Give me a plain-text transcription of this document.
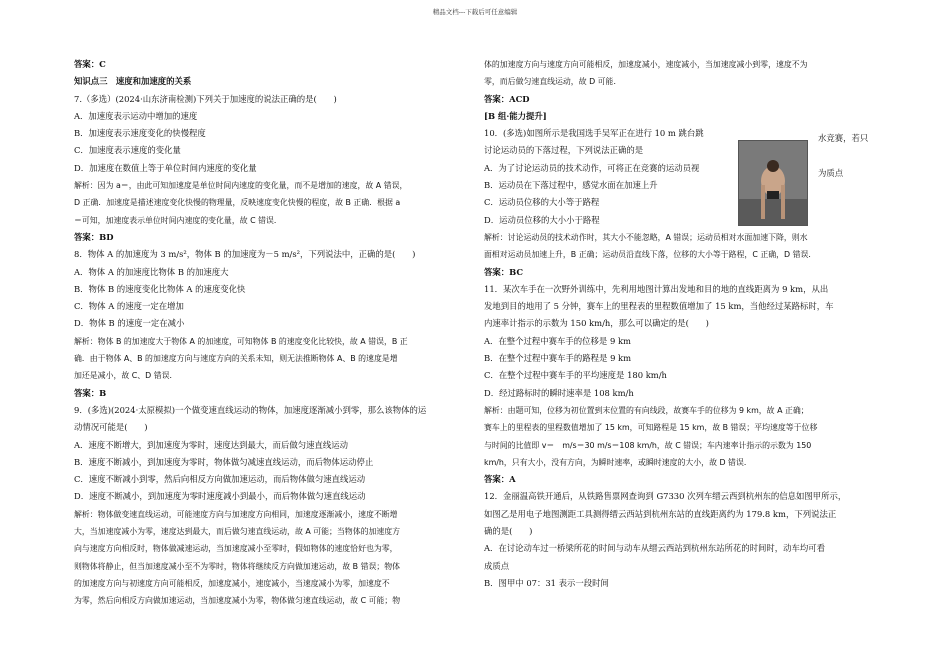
精品文档---下载后可任意编辑

答案：C

知识点三　速度和加速度的关系

7.（多选）(2024·山东济南检测)下列关于加速度的说法正确的是(　　)

A．加速度表示运动中增加的速度

B．加速度表示速度变化的快慢程度

C．加速度表示速度的变化量

D．加速度在数值上等于单位时间内速度的变化量

解析：因为 a＝，由此可知加速度是单位时间内速度的变化量，而不是增加的速度，故 A 错误，

D 正确．加速度是描述速度变化快慢的物理量，反映速度变化快慢的程度，故 B 正确．根据 a

＝可知，加速度表示单位时间内速度的变化量，故 C 错误．

答案：BD

8．物体 A 的加速度为 3 m/s²，物体 B 的加速度为－5 m/s²，下列说法中，正确的是(　　)

A．物体 A 的加速度比物体 B 的加速度大

B．物体 B 的速度变化比物体 A 的速度变化快

C．物体 A 的速度一定在增加

D．物体 B 的速度一定在减小

解析：物体 B 的加速度大于物体 A 的加速度，可知物体 B 的速度变化比较快，故 A 错误，B 正

确．由于物体 A、B 的加速度方向与速度方向的关系未知，则无法推断物体 A、B 的速度是增

加还是减小，故 C、D 错误．

答案：B

9．(多选)(2024·太原模拟)一个做变速直线运动的物体，加速度逐渐减小到零，那么该物体的运

动情况可能是(　　)

A．速度不断增大，到加速度为零时，速度达到最大，而后做匀速直线运动

B．速度不断减小，到加速度为零时，物体做匀减速直线运动，而后物体运动停止

C．速度不断减小到零，然后向相反方向做加速运动，而后物体做匀速直线运动

D．速度不断减小，到加速度为零时速度减小到最小，而后物体做匀速直线运动

解析：物体做变速直线运动，可能速度方向与加速度方向相同，加速度逐渐减小，速度不断增

大，当加速度减小为零，速度达到最大，而后做匀速直线运动，故 A 可能；当物体的加速度方

向与速度方向相反时，物体做减速运动，当加速度减小至零时，假如物体的速度恰好也为零，

则物体将静止，但当加速度减小至不为零时，物体将继续反方向做加速运动，故 B 错误；物体

的加速度方向与初速度方向可能相反，加速度减小，速度减小，当速度减小为零，加速度不

为零，然后向相反方向做加速运动，当加速度减小为零，物体做匀速直线运动，故 C 可能；物

体的加速度方向与速度方向可能相反，加速度减小，速度减小，当加速度减小到零，速度不为

零，而后做匀速直线运动，故 D 可能．

答案：ACD

[B 组·能力提升]

10．(多选)如图所示是我国选手吴军正在进行 10 m 跳台跳

讨论运动员的下落过程，下列说法正确的是

A．为了讨论运动员的技术动作，可将正在竞赛的运动员视

B．运动员在下落过程中，感觉水面在加速上升

C．运动员位移的大小等于路程

D．运动员位移的大小小于路程

解析：讨论运动员的技术动作时，其大小不能忽略，A 错误；运动员相对水面加速下降，则水

面相对运动员加速上升，B 正确；运动员沿直线下落，位移的大小等于路程，C 正确，D 错误．

答案：BC

11．某次车手在一次野外训练中，先利用地图计算出发地和目的地的直线距离为 9 km，从出

发地到目的地用了 5 分钟，赛车上的里程表的里程数值增加了 15 km，当他经过某路标时，车

内速率计指示的示数为 150 km/h，那么可以确定的是(　　)

A．在整个过程中赛车手的位移是 9 km

B．在整个过程中赛车手的路程是 9 km

C．在整个过程中赛车手的平均速度是 180 km/h

D．经过路标时的瞬时速率是 108 km/h

解析：由题可知，位移为初位置到末位置的有向线段，故赛车手的位移为 9 km，故 A 正确；

赛车上的里程表的里程数值增加了 15 km，可知路程是 15 km，故 B 错误；平均速度等于位移

与时间的比值即 v＝　m/s＝30 m/s＝108 km/h，故 C 错误；车内速率计指示的示数为 150

km/h，只有大小，没有方向，为瞬时速率，或瞬时速度的大小，故 D 错误．

答案：A

12．金丽温高铁开通后，从铁路售票网查询到 G7330 次列车缙云西到杭州东的信息如图甲所示，

如图乙是用电子地图测距工具测得缙云西站到杭州东站的直线距离约为 179.8 km，下列说法正

确的是(　　)

A．在讨论动车过一桥梁所花的时间与动车从缙云西站到杭州东站所花的时间时，动车均可看

成质点

B．图甲中 07：31 表示一段时间

水竞赛，若只
为质点
